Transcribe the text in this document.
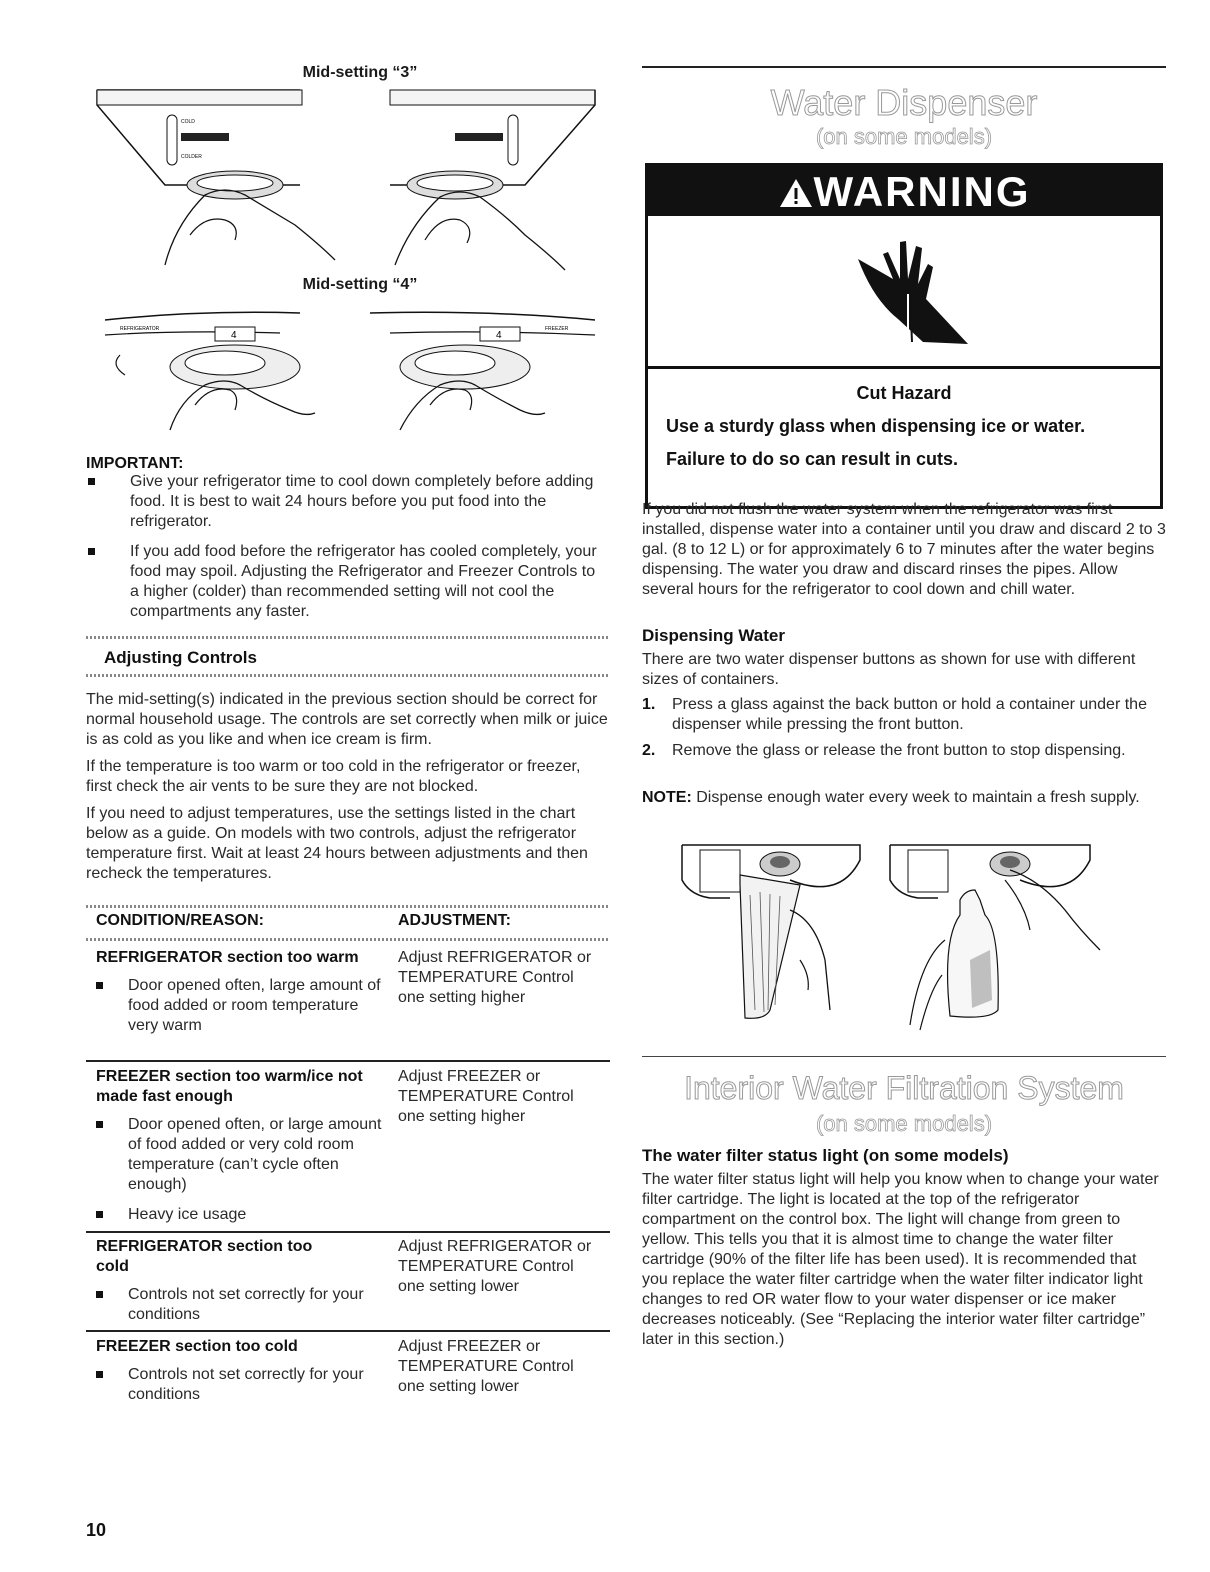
Mid-setting “3”
COLD
COLDER
Mid-setting “4”
REFRIGERATOR
4
FREEZER
4
IMPORTANT:
Give your refrigerator time to cool down completely before adding food. It is best to wait 24 hours before you put food into the refrigerator.
If you add food before the refrigerator has cooled completely, your food may spoil. Adjusting the Refrigerator and Freezer Controls to a higher (colder) than recommended setting will not cool the compartments any faster.
Adjusting Controls

The mid-setting(s) indicated in the previous section should be correct for normal household usage. The controls are set correctly when milk or juice is as cold as you like and when ice cream is firm.

If the temperature is too warm or too cold in the refrigerator or freezer, first check the air vents to be sure they are not blocked.

If you need to adjust temperatures, use the settings listed in the chart below as a guide. On models with two controls, adjust the refrigerator temperature first. Wait at least 24 hours between adjustments and then recheck the temperatures.

CONDITION/REASON:	ADJUSTMENT:
REFRIGERATOR section too warm
Door opened often, large amount of food added or room temperature very warm
Adjust REFRIGERATOR or TEMPERATURE Control one setting higher
FREEZER section too warm/ice not made fast enough
Door opened often, or large amount of food added or very cold room temperature (can’t cycle often enough)
Heavy ice usage
Adjust FREEZER or TEMPERATURE Control one setting higher
REFRIGERATOR section too cold
Controls not set correctly for your conditions
Adjust REFRIGERATOR or TEMPERATURE Control one setting lower
FREEZER section too cold
Controls not set correctly for your conditions
Adjust FREEZER or TEMPERATURE Control one setting lower
10
Water Dispenser
(on some models)
WARNING
Cut Hazard
Use a sturdy glass when dispensing ice or water.
Failure to do so can result in cuts.
If you did not flush the water system when the refrigerator was first installed, dispense water into a container until you draw and discard 2 to 3 gal. (8 to 12 L) or for approximately 6 to 7 minutes after the water begins dispensing. The water you draw and discard rinses the pipes. Allow several hours for the refrigerator to cool down and chill water.
Dispensing Water
There are two water dispenser buttons as shown for use with different sizes of containers.
1. Press a glass against the back button or hold a container under the dispenser while pressing the front button.
2. Remove the glass or release the front button to stop dispensing.
NOTE: Dispense enough water every week to maintain a fresh supply.
Interior Water Filtration System
(on some models)
The water filter status light (on some models)
The water filter status light will help you know when to change your water filter cartridge. The light is located at the top of the refrigerator compartment on the control box. The light will change from green to yellow. This tells you that it is almost time to change the water filter cartridge (90% of the filter life has been used). It is recommended that you replace the water filter cartridge when the water filter indicator light changes to red OR water flow to your water dispenser or ice maker decreases noticeably. (See “Replacing the interior water filter cartridge” later in this section.)
